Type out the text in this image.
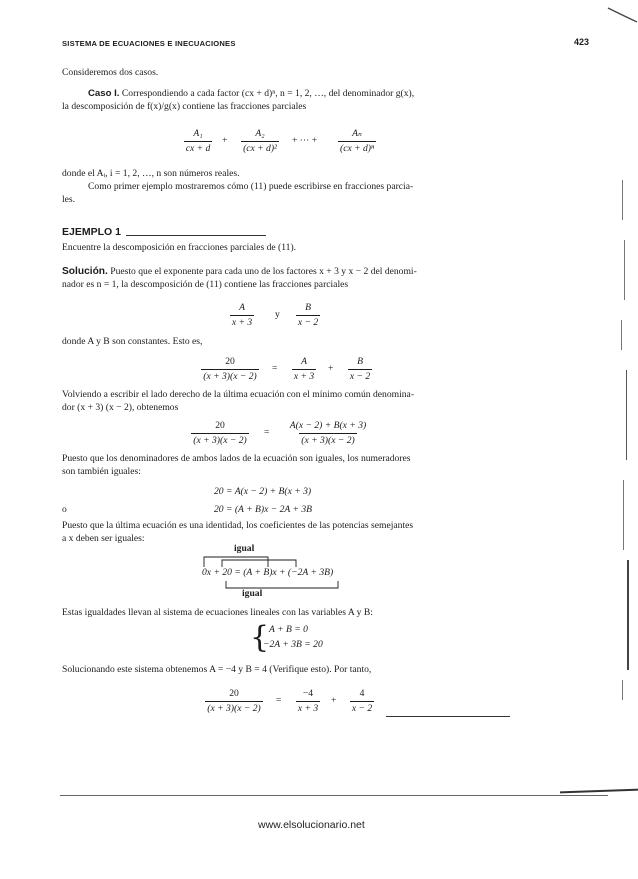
SISTEMA DE ECUACIONES E INECUACIONES	423
Consideremos dos casos.
Caso I. Correspondiendo a cada factor (cx + d)ⁿ, n = 1, 2, …, del denominador g(x),
la descomposición de f(x)/g(x) contiene las fracciones parciales
$\frac{\text{A₁}}{cx + d} + \frac{\text{A₂}}{\text{(cx + d)²}}$ + ⋯ + $\frac{\text{Aₙ}}{\text{(cx + d)ⁿ}}$
donde el Aᵢ, i = 1, 2, …, n son números reales.
Como primer ejemplo mostraremos cómo (11) puede escribirse en fracciones parcia-
les.
EJEMPLO 1
Encuentre la descomposición en fracciones parciales de (11).
Solución. Puesto que el exponente para cada uno de los factores x + 3 y x − 2 del denomi-
nador es n = 1, la descomposición de (11) contiene las fracciones parciales
$\frac{A}{x + 3}$ y $\frac{B}{x - 2}$
donde A y B son constantes. Esto es,
$\frac{20}{(x + 3)(x - 2)} = \frac{A}{x + 3} + \frac{B}{x - 2}$
Volviendo a escribir el lado derecho de la última ecuación con el mínimo común denomina-
dor (x + 3) (x − 2), obtenemos
$\frac{20}{(x + 3)(x - 2)} = \frac{A(x - 2) + B(x + 3)}{(x + 3)(x - 2)}$
Puesto que los denominadores de ambos lados de la ecuación son iguales, los numeradores
son también iguales:
20 = A(x − 2) + B(x + 3)
o	20 = (A + B)x − 2A + 3B
Puesto que la última ecuación es una identidad, los coeficientes de las potencias semejantes
a x deben ser iguales:
igual
0x + 20 = (A + B)x + (−2A + 3B)
igual
Estas igualdades llevan al sistema de ecuaciones lineales con las variables A y B:
{ A + B = 0
−2A + 3B = 20
Solucionando este sistema obtenemos A = −4 y B = 4 (Verifique esto). Por tanto,
$\frac{20}{(x + 3)(x - 2)} = \frac{-4}{x + 3} + \frac{4}{x - 2}$
www.elsolucionario.net
